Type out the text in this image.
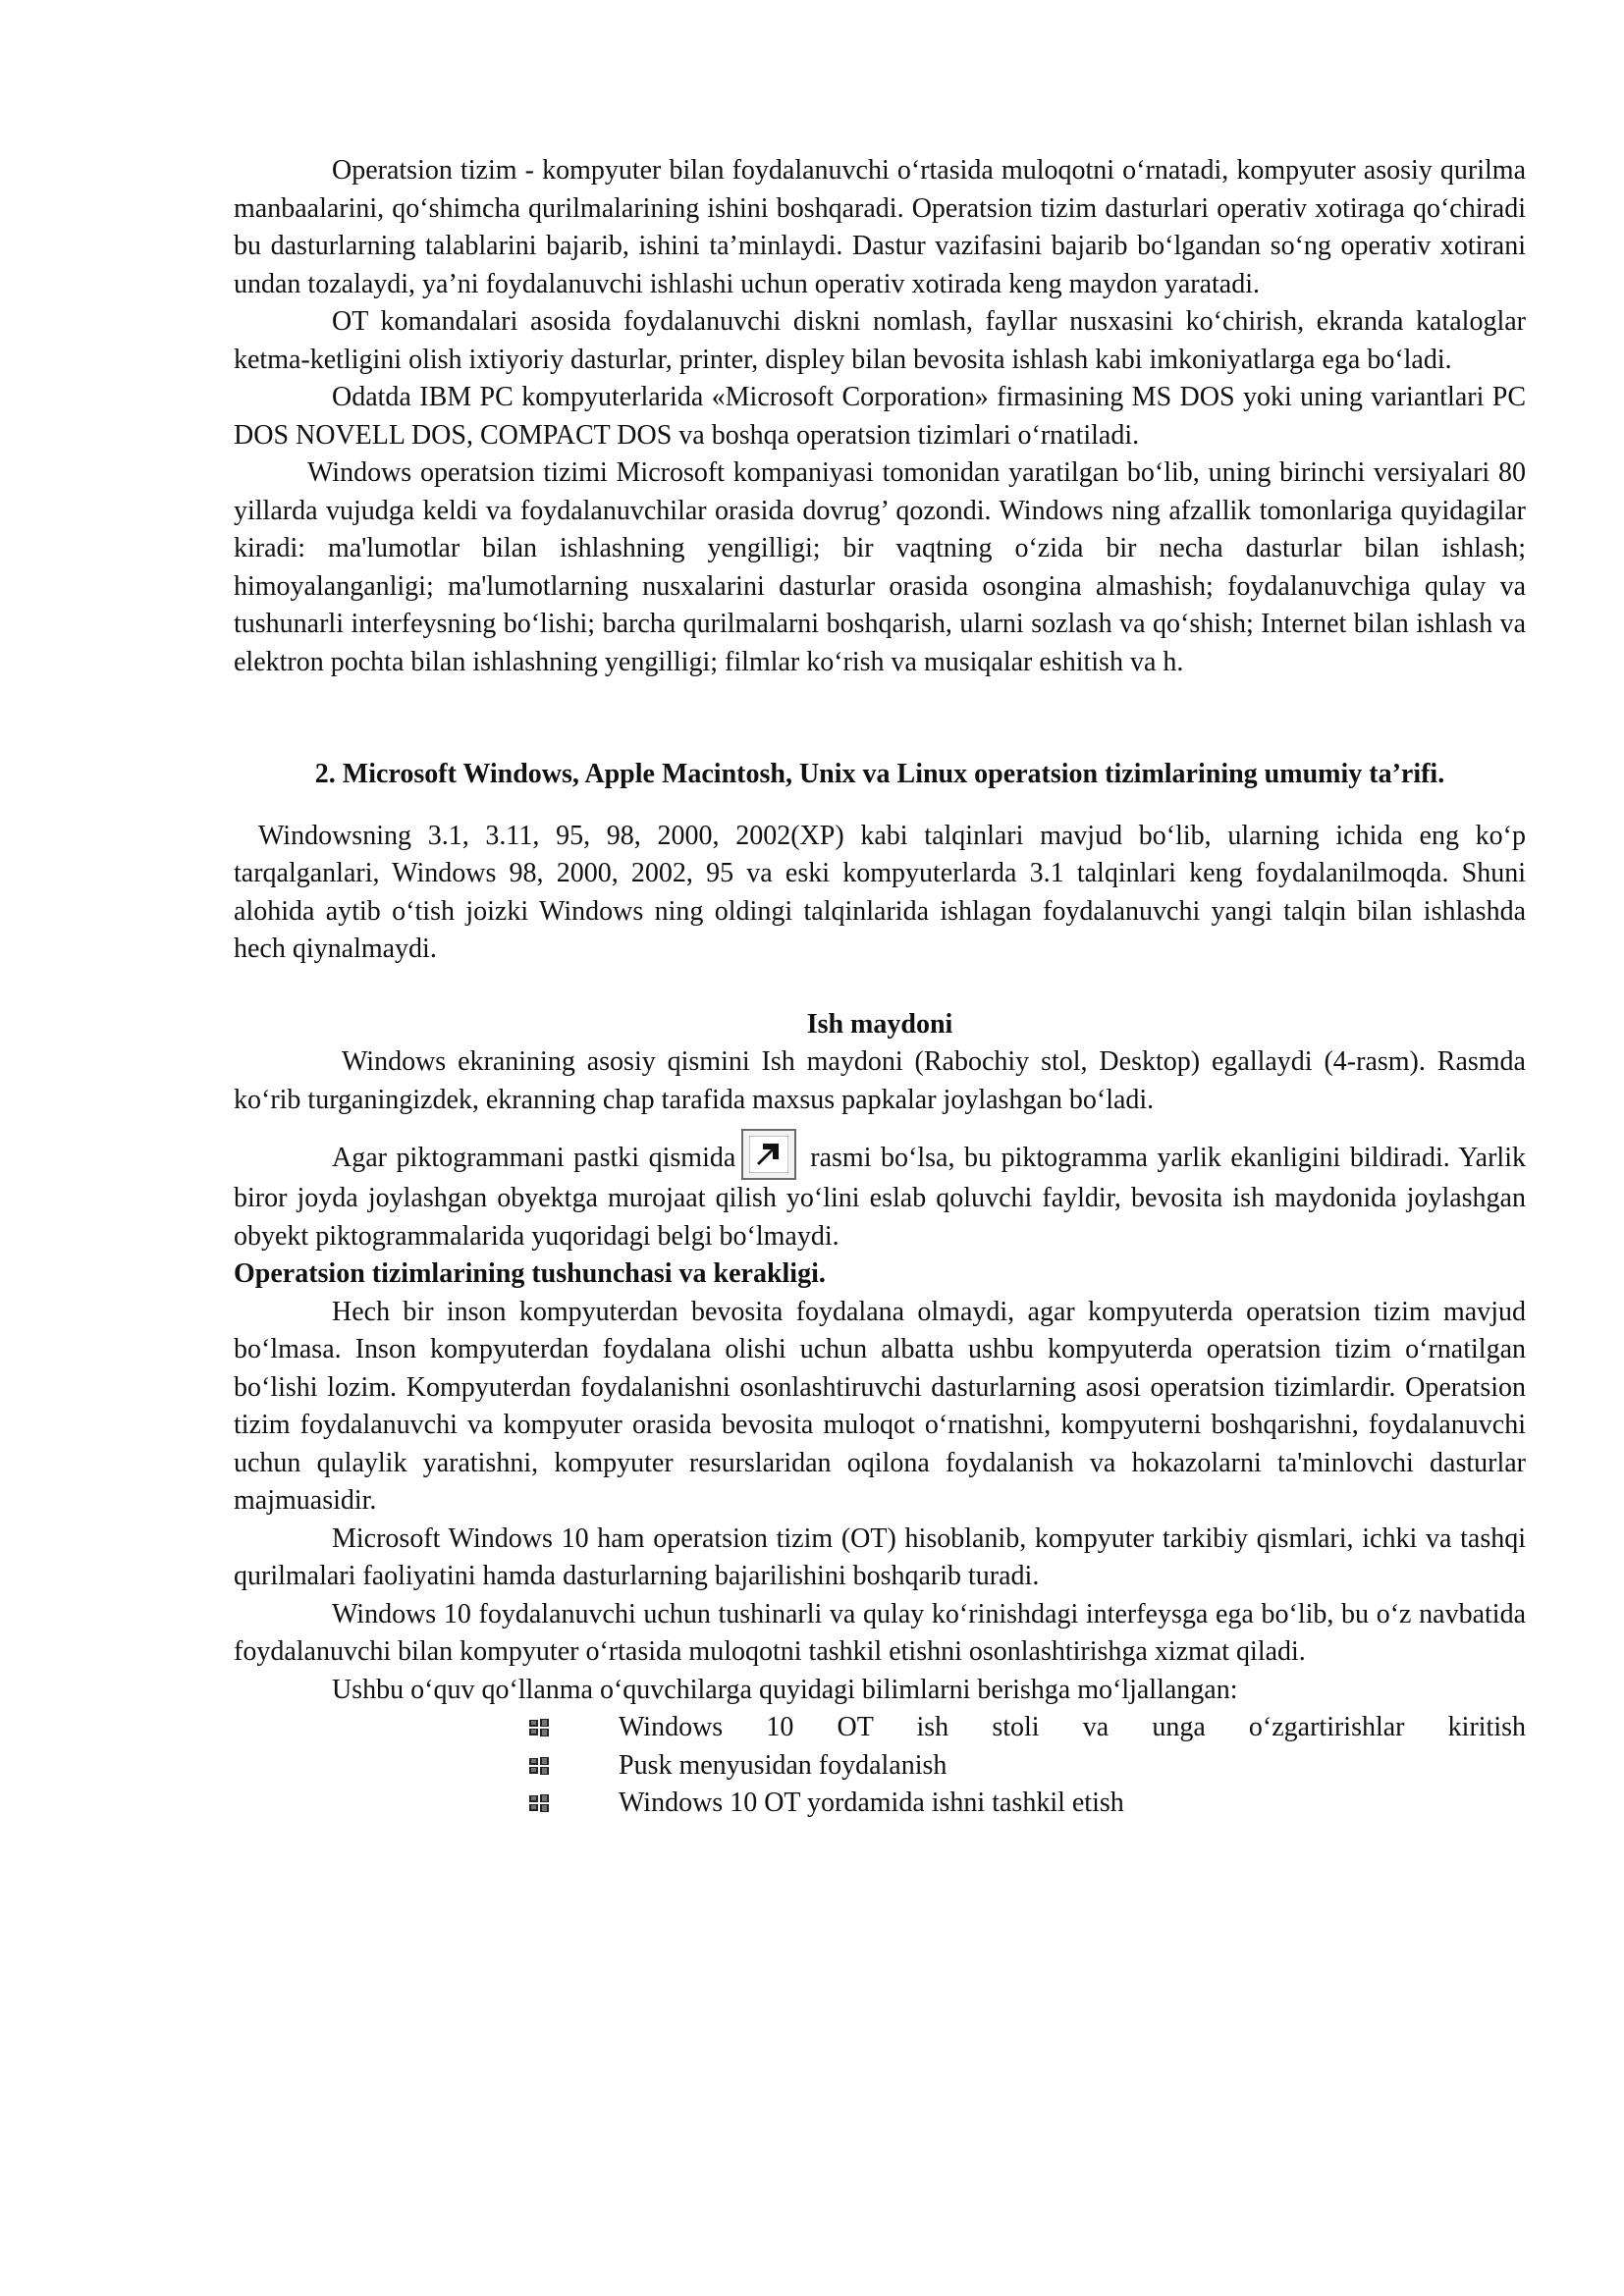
Operatsion tizim - kompyuter bilan foydalanuvchi o‘rtasida muloqotni o‘rnatadi, kompyuter asosiy qurilma manbaalarini, qo‘shimcha qurilmalarining ishini boshqaradi. Operatsion tizim dasturlari operativ xotiraga qo‘chiradi bu dasturlarning talablarini bajarib, ishini ta’minlaydi. Dastur vazifasini bajarib bo‘lgandan so‘ng operativ xotirani undan tozalaydi, ya’ni foydalanuvchi ishlashi uchun operativ xotirada keng maydon yaratadi.

OT komandalari asosida foydalanuvchi diskni nomlash, fayllar nusxasini ko‘chirish, ekranda kataloglar ketma-ketligini olish ixtiyoriy dasturlar, printer, displey bilan bevosita ishlash kabi imkoniyatlarga ega bo‘ladi.

Odatda IBM PC kompyuterlarida «Microsoft Corporation» firmasining MS DOS yoki uning variantlari PC DOS NOVELL DOS, COMPACT DOS va boshqa operatsion tizimlari o‘rnatiladi.

Windows operatsion tizimi Microsoft kompaniyasi tomonidan yaratilgan bo‘lib, uning birinchi versiyalari 80 yillarda vujudga keldi va foydalanuvchilar orasida dovrug’ qozondi. Windows ning afzallik tomonlariga quyidagilar kiradi: ma'lumotlar bilan ishlashning yengilligi; bir vaqtning o‘zida bir necha dasturlar bilan ishlash; himoyalanganligi; ma'lumotlarning nusxalarini dasturlar orasida osongina almashish; foydalanuvchiga qulay va tushunarli interfeysning bo‘lishi; barcha qurilmalarni boshqarish, ularni sozlash va qo‘shish; Internet bilan ishlash va elektron pochta bilan ishlashning yengilligi; filmlar ko‘rish va musiqalar eshitish va h.

2. Microsoft Windows, Apple Macintosh, Unix va Linux operatsion tizimlarining umumiy ta’rifi.

Windowsning 3.1, 3.11, 95, 98, 2000, 2002(XP) kabi talqinlari mavjud bo‘lib, ularning ichida eng ko‘p tarqalganlari, Windows 98, 2000, 2002, 95 va eski kompyuterlarda 3.1 talqinlari keng foydalanilmoqda. Shuni alohida aytib o‘tish joizki Windows ning oldingi talqinlarida ishlagan foydalanuvchi yangi talqin bilan ishlashda hech qiynalmaydi.

Ish maydoni

Windows ekranining asosiy qismini Ish maydoni (Rabochiy stol, Desktop) egallaydi (4-rasm). Rasmda ko‘rib turganingizdek, ekranning chap tarafida maxsus papkalar joylashgan bo‘ladi.

Agar piktogrammani pastki qismida	rasmi bo‘lsa, bu piktogramma yarlik ekanligini bildiradi. Yarlik biror joyda joylashgan obyektga murojaat qilish yo‘lini eslab qoluvchi fayldir, bevosita ish maydonida joylashgan obyekt piktogrammalarida yuqoridagi belgi bo‘lmaydi.

Operatsion tizimlarining tushunchasi va kerakligi.

Hech bir inson kompyuterdan bevosita foydalana olmaydi, agar kompyuterda operatsion tizim mavjud bo‘lmasa. Inson kompyuterdan foydalana olishi uchun albatta ushbu kompyuterda operatsion tizim o‘rnatilgan bo‘lishi lozim. Kompyuterdan foydalanishni osonlashtiruvchi dasturlarning asosi operatsion tizimlardir. Operatsion tizim foydalanuvchi va kompyuter orasida bevosita muloqot o‘rnatishni, kompyuterni boshqarishni, foydalanuvchi uchun qulaylik yaratishni, kompyuter resurslaridan oqilona foydalanish va hokazolarni ta'minlovchi dasturlar majmuasidir.

Microsoft Windows 10 ham operatsion tizim (OT) hisoblanib, kompyuter tarkibiy qismlari, ichki va tashqi qurilmalari faoliyatini hamda dasturlarning bajarilishini boshqarib turadi.

Windows 10 foydalanuvchi uchun tushinarli va qulay ko‘rinishdagi interfeysga ega bo‘lib, bu o‘z navbatida foydalanuvchi bilan kompyuter o‘rtasida muloqotni tashkil etishni osonlashtirishga xizmat qiladi.

Ushbu o‘quv qo‘llanma o‘quvchilarga quyidagi bilimlarni berishga mo‘ljallangan:

Windows 10 OT ish stoli va unga o‘zgartirishlar kiritish
Pusk menyusidan foydalanish
Windows 10 OT yordamida ishni tashkil etish
